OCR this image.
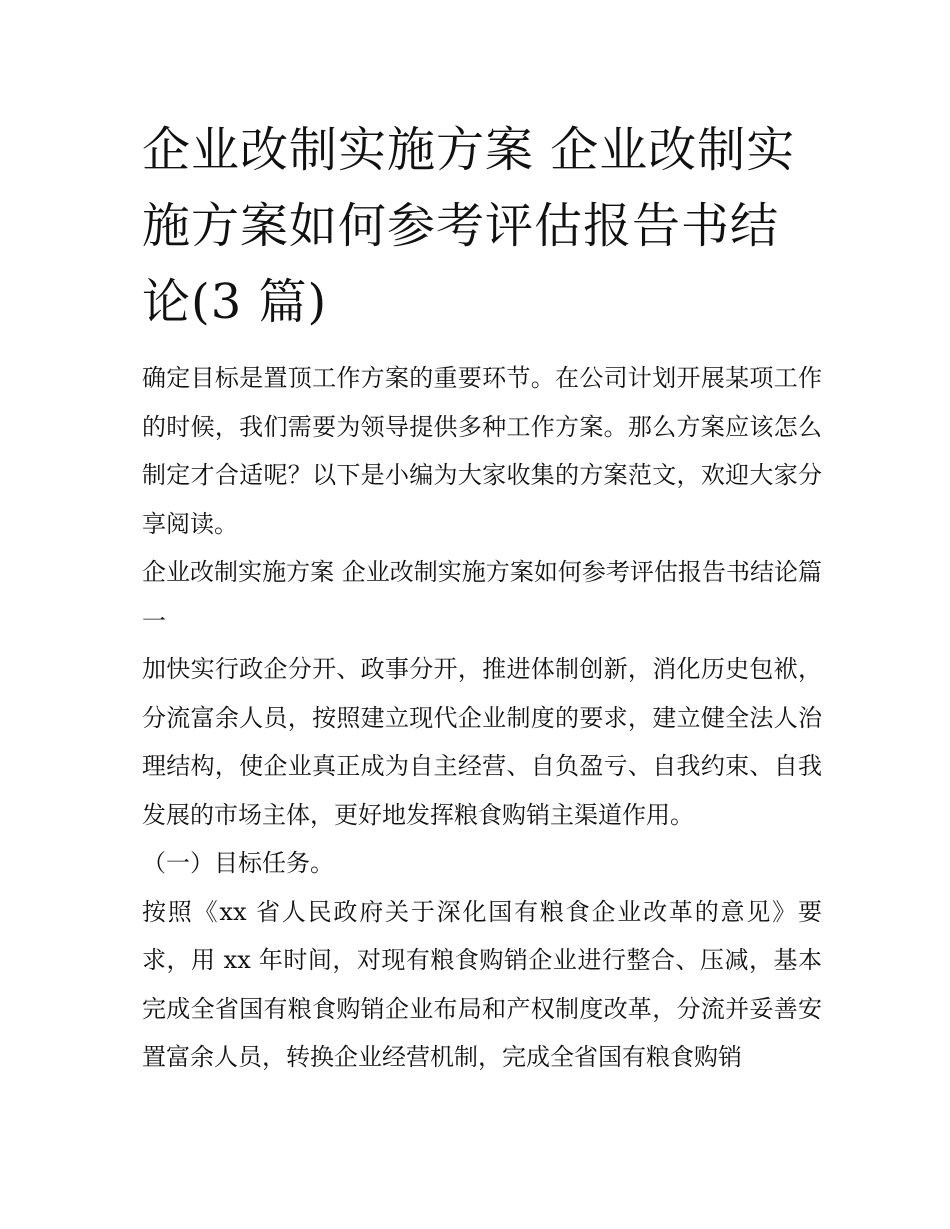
企业改制实施方案 企业改制实
施方案如何参考评估报告书结
论(3 篇)

确定目标是置顶工作方案的重要环节。在公司计划开展某项工作的时候，我们需要为领导提供多种工作方案。那么方案应该怎么制定才合适呢？以下是小编为大家收集的方案范文，欢迎大家分享阅读。

企业改制实施方案 企业改制实施方案如何参考评估报告书结论篇一

加快实行政企分开、政事分开，推进体制创新，消化历史包袱，分流富余人员，按照建立现代企业制度的要求，建立健全法人治理结构，使企业真正成为自主经营、自负盈亏、自我约束、自我发展的市场主体，更好地发挥粮食购销主渠道作用。

（一）目标任务。

按照《xx 省人民政府关于深化国有粮食企业改革的意见》要求，用 xx 年时间，对现有粮食购销企业进行整合、压减，基本完成全省国有粮食购销企业布局和产权制度改革，分流并妥善安置富余人员，转换企业经营机制，完成全省国有粮食购销
